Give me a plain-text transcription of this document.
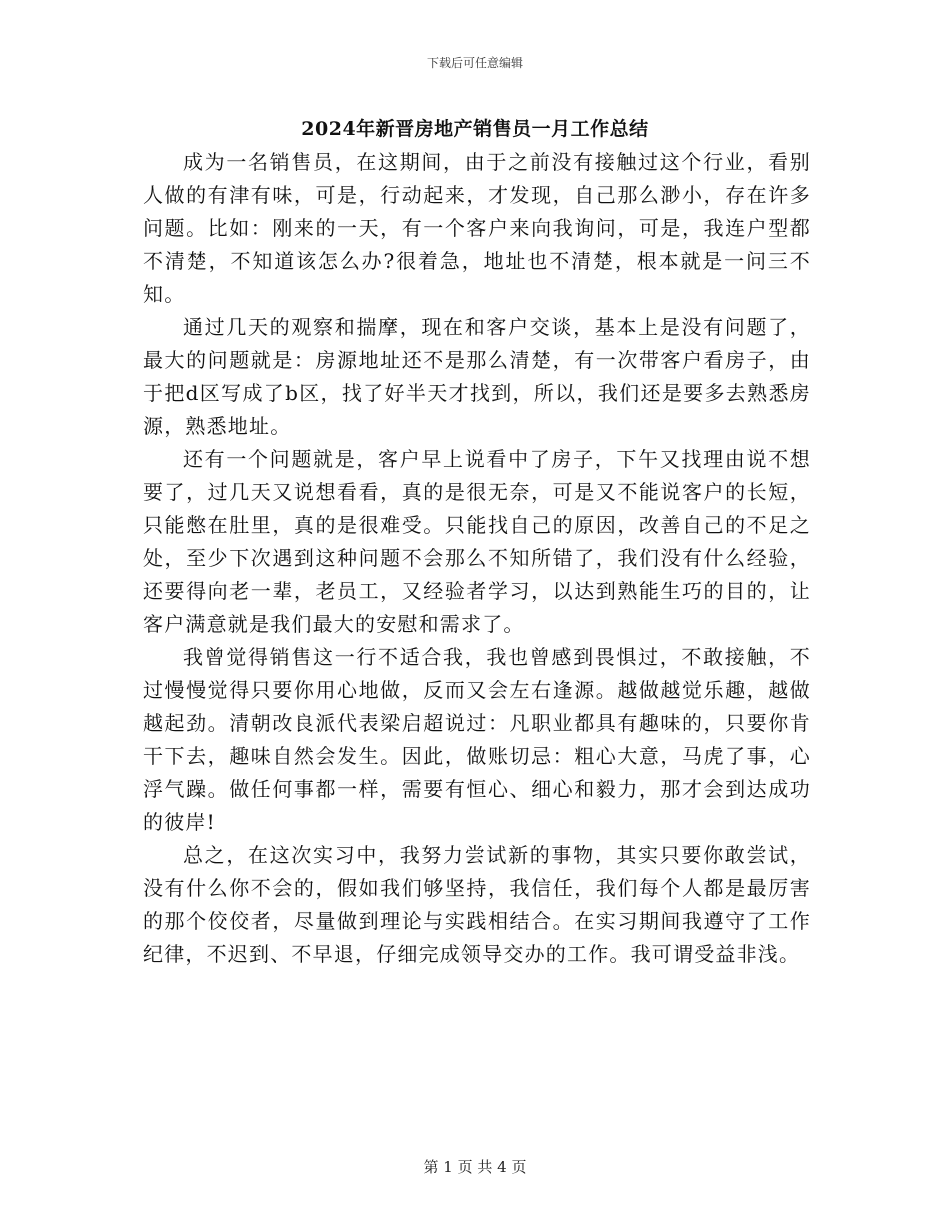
下载后可任意编辑
2024年新晋房地产销售员一月工作总结

成为一名销售员，在这期间，由于之前没有接触过这个行业，看别人做的有津有味，可是，行动起来，才发现，自己那么渺小，存在许多问题。比如：刚来的一天，有一个客户来向我询问，可是，我连户型都不清楚，不知道该怎么办?很着急，地址也不清楚，根本就是一问三不知。

通过几天的观察和揣摩，现在和客户交谈，基本上是没有问题了，最大的问题就是：房源地址还不是那么清楚，有一次带客户看房子，由于把d区写成了b区，找了好半天才找到，所以，我们还是要多去熟悉房源，熟悉地址。

还有一个问题就是，客户早上说看中了房子，下午又找理由说不想要了，过几天又说想看看，真的是很无奈，可是又不能说客户的长短，只能憋在肚里，真的是很难受。只能找自己的原因，改善自己的不足之处，至少下次遇到这种问题不会那么不知所错了，我们没有什么经验，还要得向老一辈，老员工，又经验者学习，以达到熟能生巧的目的，让客户满意就是我们最大的安慰和需求了。

我曾觉得销售这一行不适合我，我也曾感到畏惧过，不敢接触，不过慢慢觉得只要你用心地做，反而又会左右逢源。越做越觉乐趣，越做越起劲。清朝改良派代表梁启超说过：凡职业都具有趣味的，只要你肯干下去，趣味自然会发生。因此，做账切忌：粗心大意，马虎了事，心浮气躁。做任何事都一样，需要有恒心、细心和毅力，那才会到达成功的彼岸!

总之，在这次实习中，我努力尝试新的事物，其实只要你敢尝试，没有什么你不会的，假如我们够坚持，我信任，我们每个人都是最厉害的那个佼佼者，尽量做到理论与实践相结合。在实习期间我遵守了工作纪律，不迟到、不早退，仔细完成领导交办的工作。我可谓受益非浅。

第 1 页 共 4 页
